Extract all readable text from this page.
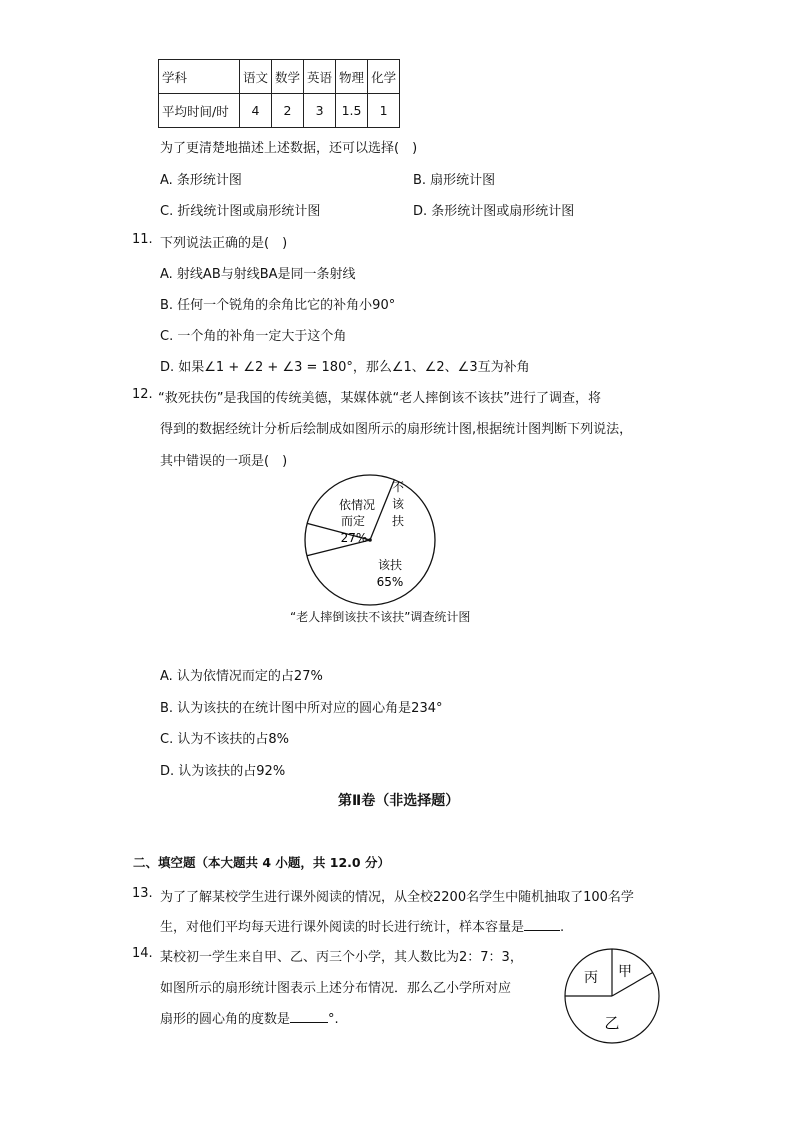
学科	语文	数学	英语	物理	化学
平均时间/时	4	2	3	1.5	1
为了更清楚地描述上述数据，还可以选择(　)
A. 条形统计图	B. 扇形统计图
C. 折线统计图或扇形统计图	D. 条形统计图或扇形统计图
11. 下列说法正确的是(　)
A. 射线AB与射线BA是同一条射线
B. 任何一个锐角的余角比它的补角小90°
C. 一个角的补角一定大于这个角
D. 如果∠1 + ∠2 + ∠3 = 180°，那么∠1、∠2、∠3互为补角
12. “救死扶伤”是我国的传统美德，某媒体就“老人摔倒该不该扶”进行了调查，将
得到的数据经统计分析后绘制成如图所示的扇形统计图,根据统计图判断下列说法，
其中错误的一项是(　)
依情况
而定
27%
不
该
扶
该扶
65%
“老人摔倒该扶不该扶”调查统计图
A. 认为依情况而定的占27%
B. 认为该扶的在统计图中所对应的圆心角是234°
C. 认为不该扶的占8%
D. 认为该扶的占92%
第Ⅱ卷（非选择题）
二、填空题（本大题共 4 小题，共 12.0 分）
13. 为了了解某校学生进行课外阅读的情况，从全校2200名学生中随机抽取了100名学
生，对他们平均每天进行课外阅读的时长进行统计，样本容量是	.
14. 某校初一学生来自甲、乙、丙三个小学，其人数比为2：7：3，
如图所示的扇形统计图表示上述分布情况．那么乙小学所对应
扇形的圆心角的度数是	°.
丙 甲
乙
